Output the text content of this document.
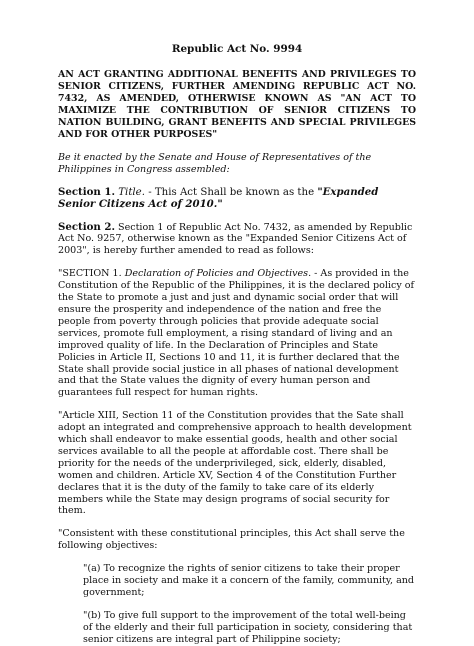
Republic Act No. 9994
AN ACT GRANTING ADDITIONAL BENEFITS AND PRIVILEGES TO SENIOR CITIZENS, FURTHER AMENDING REPUBLIC ACT NO. 7432, AS AMENDED, OTHERWISE KNOWN AS "AN ACT TO MAXIMIZE THE CONTRIBUTION OF SENIOR CITIZENS TO NATION BUILDING, GRANT BENEFITS AND SPECIAL PRIVILEGES AND FOR OTHER PURPOSES"

Be it enacted by the Senate and House of Representatives of the Philippines in Congress assembled:

Section 1. Title. - This Act Shall be known as the "Expanded Senior Citizens Act of 2010."

Section 2. Section 1 of Republic Act No. 7432, as amended by Republic Act No. 9257, otherwise known as the "Expanded Senior Citizens Act of 2003", is hereby further amended to read as follows:

"SECTION 1. Declaration of Policies and Objectives. - As provided in the Constitution of the Republic of the Philippines, it is the declared policy of the State to promote a just and just and dynamic social order that will ensure the prosperity and independence of the nation and free the people from poverty through policies that provide adequate social services, promote full employment, a rising standard of living and an improved quality of life. In the Declaration of Principles and State Policies in Article II, Sections 10 and 11, it is further declared that the State shall provide social justice in all phases of national development and that the State values the dignity of every human person and guarantees full respect for human rights.

"Article XIII, Section 11 of the Constitution provides that the Sate shall adopt an integrated and comprehensive approach to health development which shall endeavor to make essential goods, health and other social services available to all the people at affordable cost. There shall be priority for the needs of the underprivileged, sick, elderly, disabled, women and children. Article XV, Section 4 of the Constitution Further declares that it is the duty of the family to take care of its elderly members while the State may design programs of social security for them.

"Consistent with these constitutional principles, this Act shall serve the following objectives:

"(a) To recognize the rights of senior citizens to take their proper place in society and make it a concern of the family, community, and government;

"(b) To give full support to the improvement of the total well-being of the elderly and their full participation in society, considering that senior citizens are integral part of Philippine society;
